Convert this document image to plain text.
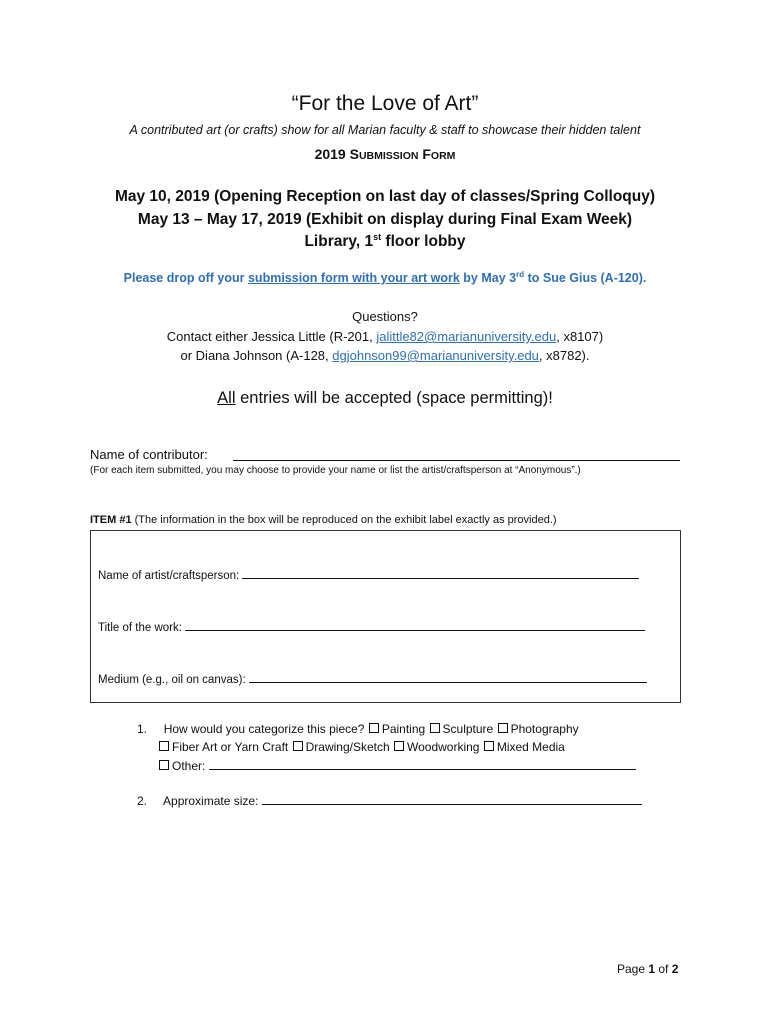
“For the Love of Art”
A contributed art (or crafts) show for all Marian faculty & staff to showcase their hidden talent
2019 SUBMISSION FORM
May 10, 2019 (Opening Reception on last day of classes/Spring Colloquy)
May 13 – May 17, 2019 (Exhibit on display during Final Exam Week)
Library, 1st floor lobby
Please drop off your submission form with your art work by May 3rd to Sue Gius (A-120).
Questions?
Contact either Jessica Little (R-201, jalittle82@marianuniversity.edu, x8107)
or Diana Johnson (A-128, dgjohnson99@marianuniversity.edu, x8782).
All entries will be accepted (space permitting)!
Name of contributor:
(For each item submitted, you may choose to provide your name or list the artist/craftsperson at “Anonymous”.)
ITEM #1 (The information in the box will be reproduced on the exhibit label exactly as provided.)
Name of artist/craftsperson:
Title of the work:
Medium (e.g., oil on canvas):
1. How would you categorize this piece? Painting Sculpture Photography
Fiber Art or Yarn Craft Drawing/Sketch Woodworking Mixed Media
Other:
2. Approximate size:
Page 1 of 2
